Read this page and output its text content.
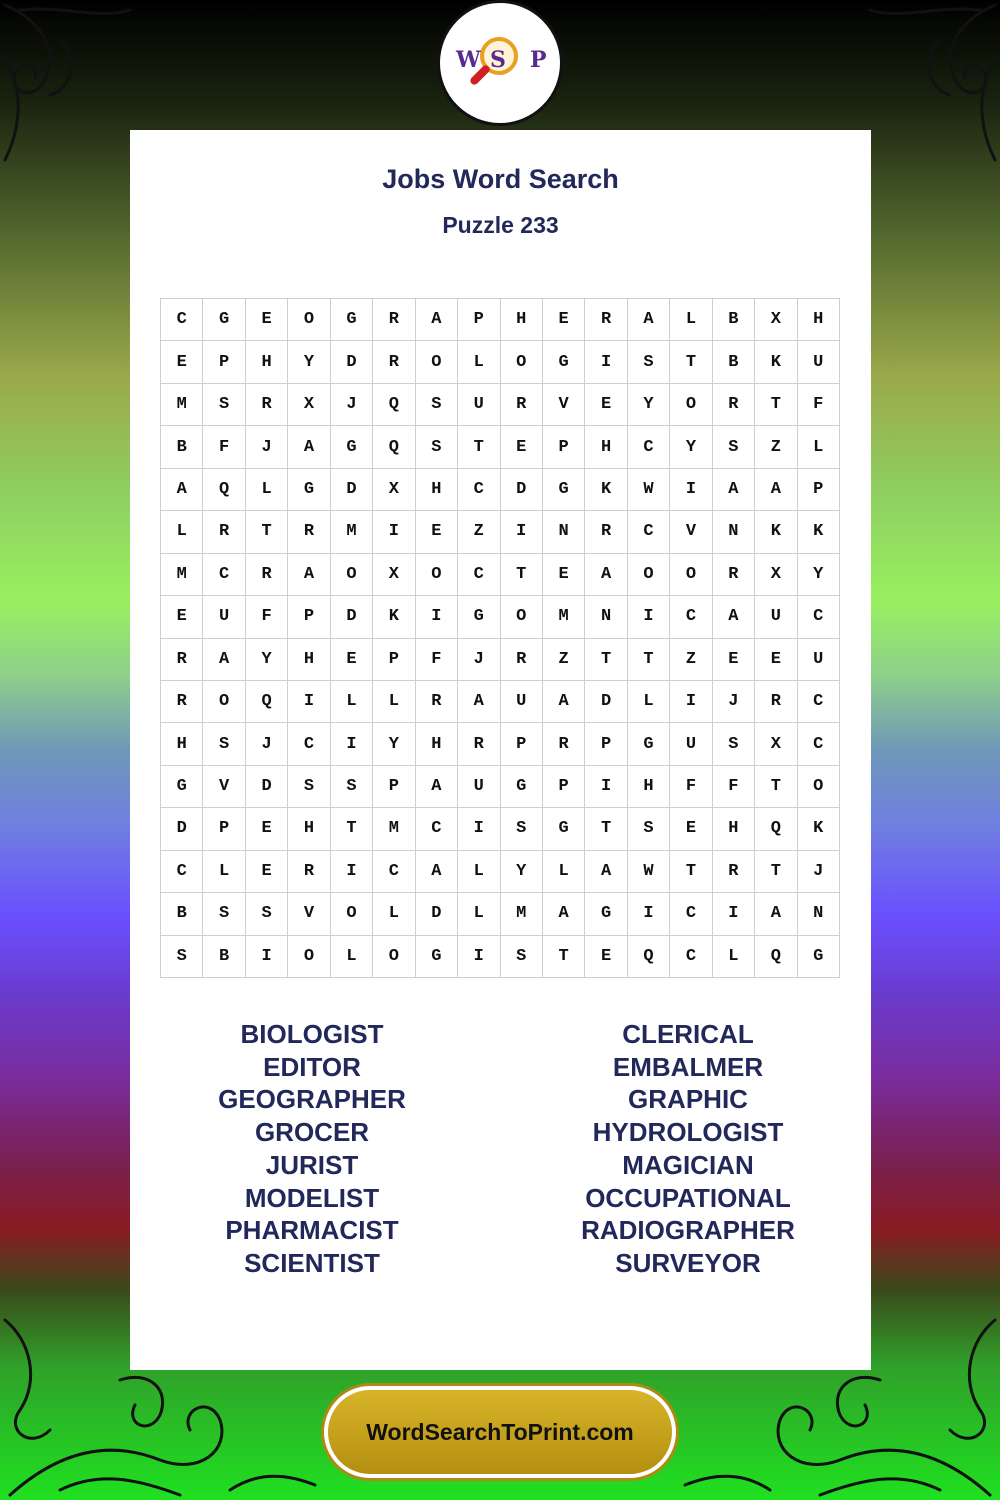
W S P
Jobs Word Search
Puzzle 233
C	G	E	O	G	R	A	P	H	E	R	A	L	B	X	H
E	P	H	Y	D	R	O	L	O	G	I	S	T	B	K	U
M	S	R	X	J	Q	S	U	R	V	E	Y	O	R	T	F
B	F	J	A	G	Q	S	T	E	P	H	C	Y	S	Z	L
A	Q	L	G	D	X	H	C	D	G	K	W	I	A	A	P
L	R	T	R	M	I	E	Z	I	N	R	C	V	N	K	K
M	C	R	A	O	X	O	C	T	E	A	O	O	R	X	Y
E	U	F	P	D	K	I	G	O	M	N	I	C	A	U	C
R	A	Y	H	E	P	F	J	R	Z	T	T	Z	E	E	U
R	O	Q	I	L	L	R	A	U	A	D	L	I	J	R	C
H	S	J	C	I	Y	H	R	P	R	P	G	U	S	X	C
G	V	D	S	S	P	A	U	G	P	I	H	F	F	T	O
D	P	E	H	T	M	C	I	S	G	T	S	E	H	Q	K
C	L	E	R	I	C	A	L	Y	L	A	W	T	R	T	J
B	S	S	V	O	L	D	L	M	A	G	I	C	I	A	N
S	B	I	O	L	O	G	I	S	T	E	Q	C	L	Q	G
BIOLOGIST
EDITOR
GEOGRAPHER
GROCER
JURIST
MODELIST
PHARMACIST
SCIENTIST
CLERICAL
EMBALMER
GRAPHIC
HYDROLOGIST
MAGICIAN
OCCUPATIONAL
RADIOGRAPHER
SURVEYOR
WordSearchToPrint.com
